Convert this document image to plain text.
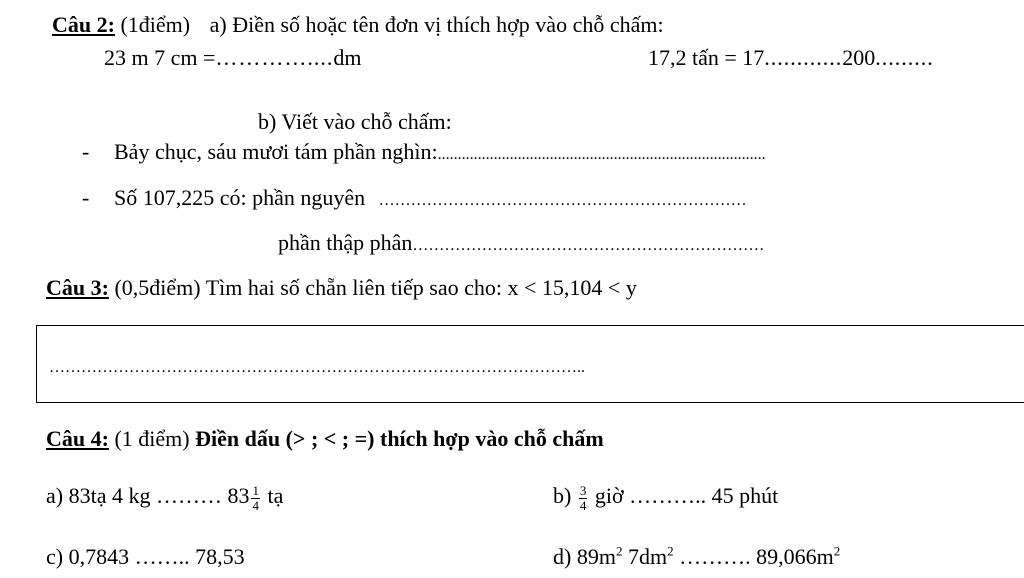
Câu 2: (1điểm) a) Điền số hoặc tên đơn vị thích hợp vào chỗ chấm:
23 m 7 cm =…………....dm	17,2 tấn = 17............200.........
b) Viết vào chỗ chấm:
- Bảy chục, sáu mươi tám phần nghìn:..................................................................................
- Số 107,225 có: phần nguyên ……………………………………………………………
phần thập phân…………………………………………………………
Câu 3: (0,5điểm) Tìm hai số chẵn liên tiếp sao cho: x < 15,104 < y
………………………………………………………………………………………..
Câu 4: (1 điểm) Điền dấu (> ; < ; =) thích hợp vào chỗ chấm
a) 83tạ 4 kg ……… $83 \frac{1}{4}$ tạ	$b) \frac{3}{4}$ giờ ……….. 45 phút
c) 0,7843 …….. 78,53	d) $89m^2$ $7dm^2$ ………. $89,066m^2$
